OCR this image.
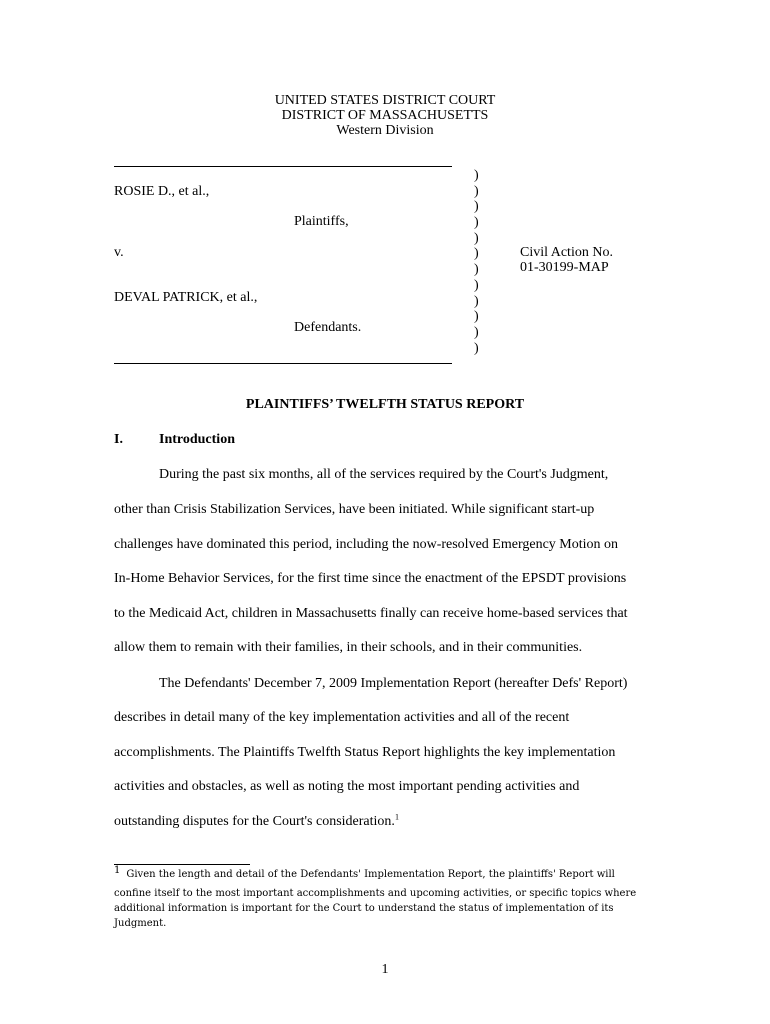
UNITED STATES DISTRICT COURT
DISTRICT OF MASSACHUSETTS
Western Division
ROSIE D., et al.,
Plaintiffs,
v.
DEVAL PATRICK, et al.,
Defendants.
)
)
)
)
)
)
)
)
)
)
)
)
Civil Action No.
01-30199-MAP
PLAINTIFFS’ TWELFTH STATUS REPORT
I.	Introduction
During the past six months, all of the services required by the Court's Judgment,
other than Crisis Stabilization Services, have been initiated. While significant start-up
challenges have dominated this period, including the now-resolved Emergency Motion on
In-Home Behavior Services, for the first time since the enactment of the EPSDT provisions
to the Medicaid Act, children in Massachusetts finally can receive home-based services that
allow them to remain with their families, in their schools, and in their communities.
The Defendants' December 7, 2009 Implementation Report (hereafter Defs' Report)
describes in detail many of the key implementation activities and all of the recent
accomplishments. The Plaintiffs Twelfth Status Report highlights the key implementation
activities and obstacles, as well as noting the most important pending activities and
outstanding disputes for the Court's consideration.$^1$
1 Given the length and detail of the Defendants' Implementation Report, the plaintiffs' Report will
confine itself to the most important accomplishments and upcoming activities, or specific topics where
additional information is important for the Court to understand the status of implementation of its
Judgment.
1
